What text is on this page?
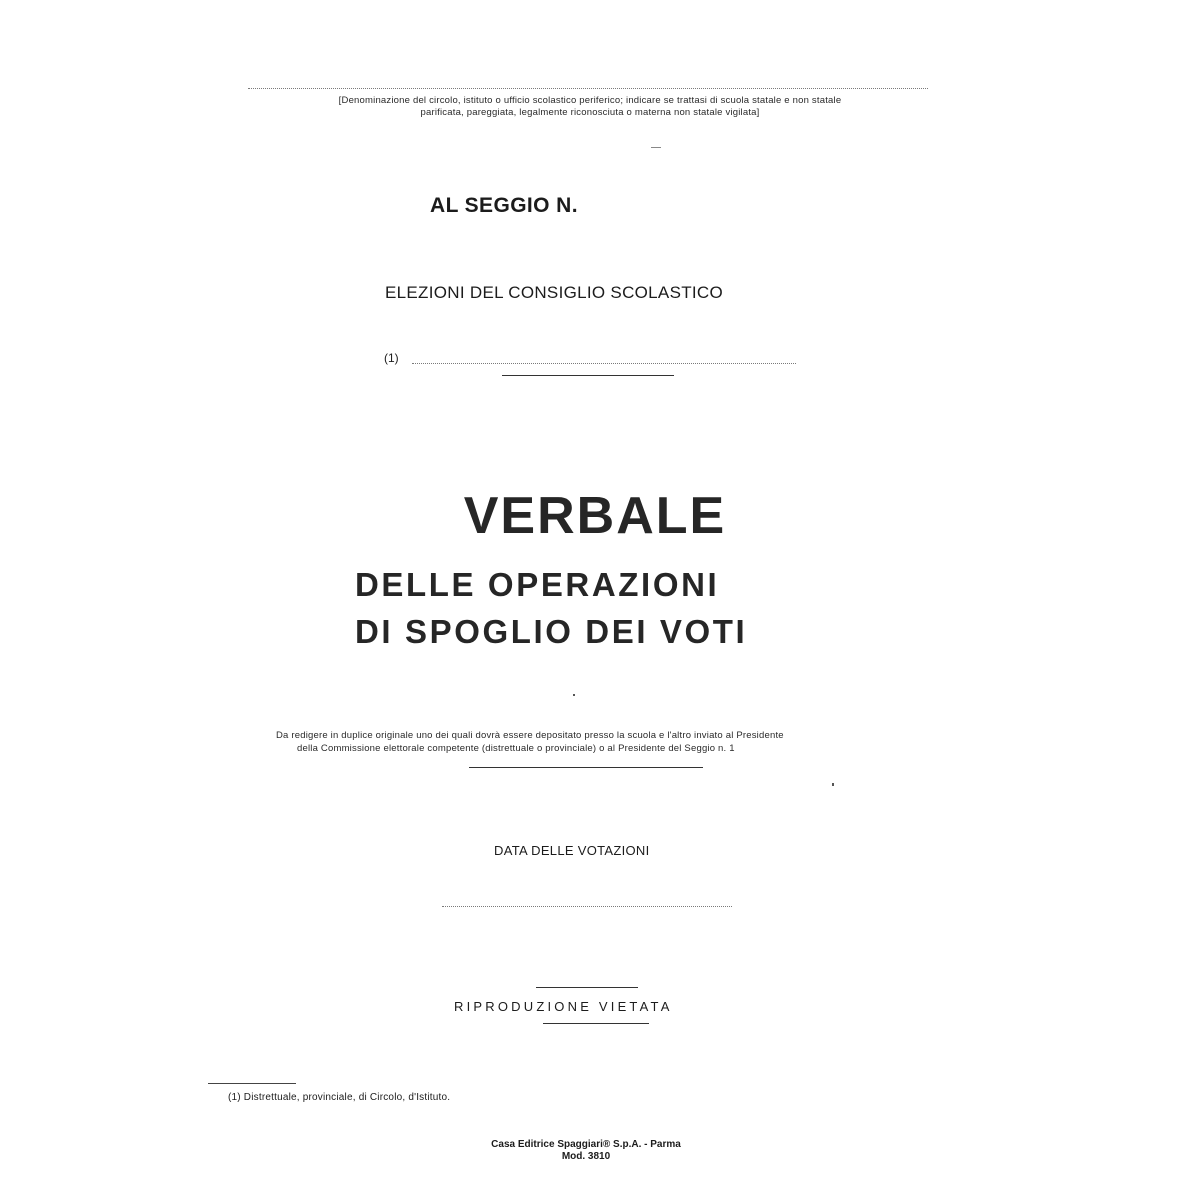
[Denominazione del circolo, istituto o ufficio scolastico periferico; indicare se trattasi di scuola statale e non statale
parificata, pareggiata, legalmente riconosciuta o materna non statale vigilata]
AL SEGGIO N.
ELEZIONI DEL CONSIGLIO SCOLASTICO
(1)
VERBALE
DELLE OPERAZIONI
DI SPOGLIO DEI VOTI
Da redigere in duplice originale uno dei quali dovrà essere depositato presso la scuola e l'altro inviato al Presidente
della Commissione elettorale competente (distrettuale o provinciale) o al Presidente del Seggio n. 1
DATA DELLE VOTAZIONI
RIPRODUZIONE VIETATA
(1) Distrettuale, provinciale, di Circolo, d'Istituto.
Casa Editrice Spaggiari® S.p.A. - Parma
Mod. 3810
